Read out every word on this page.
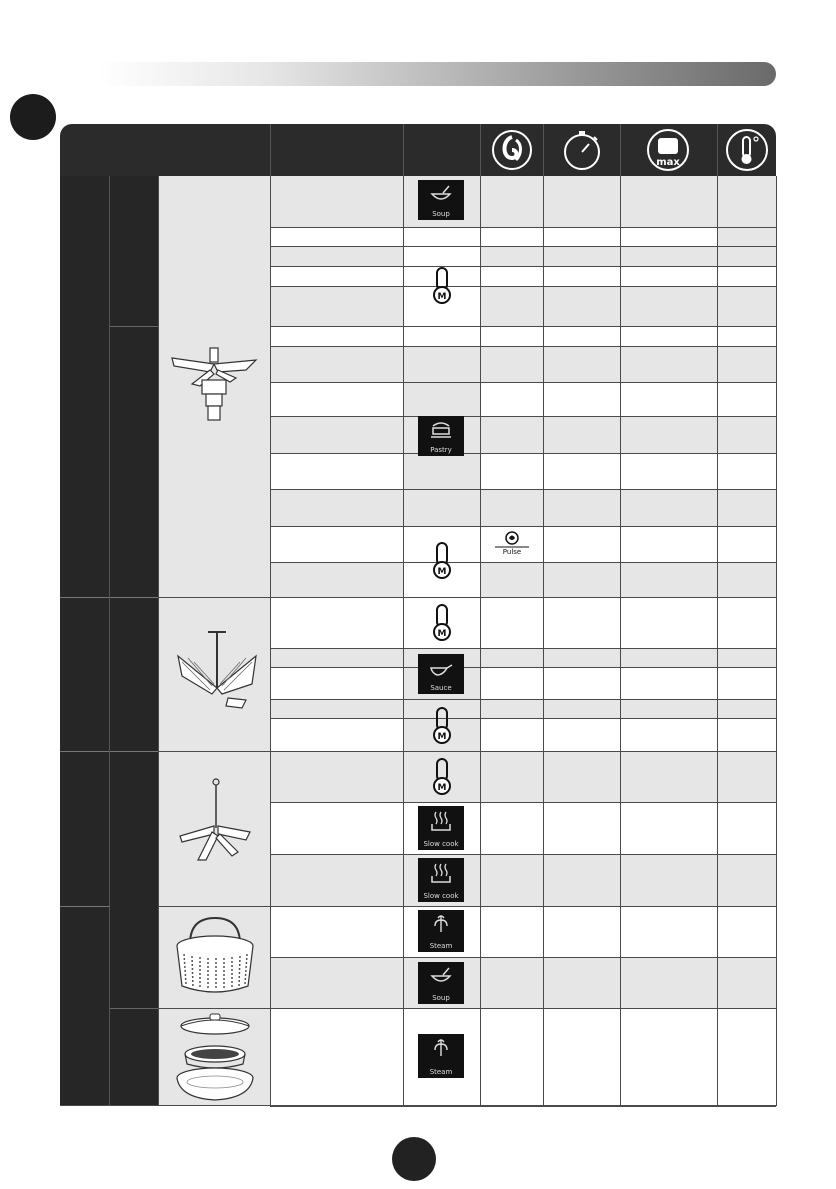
max
Soup
Pastry
Sauce
Slow cook
Slow cook
Steam
Soup
Steam
M
M
M
M
M
Pulse
